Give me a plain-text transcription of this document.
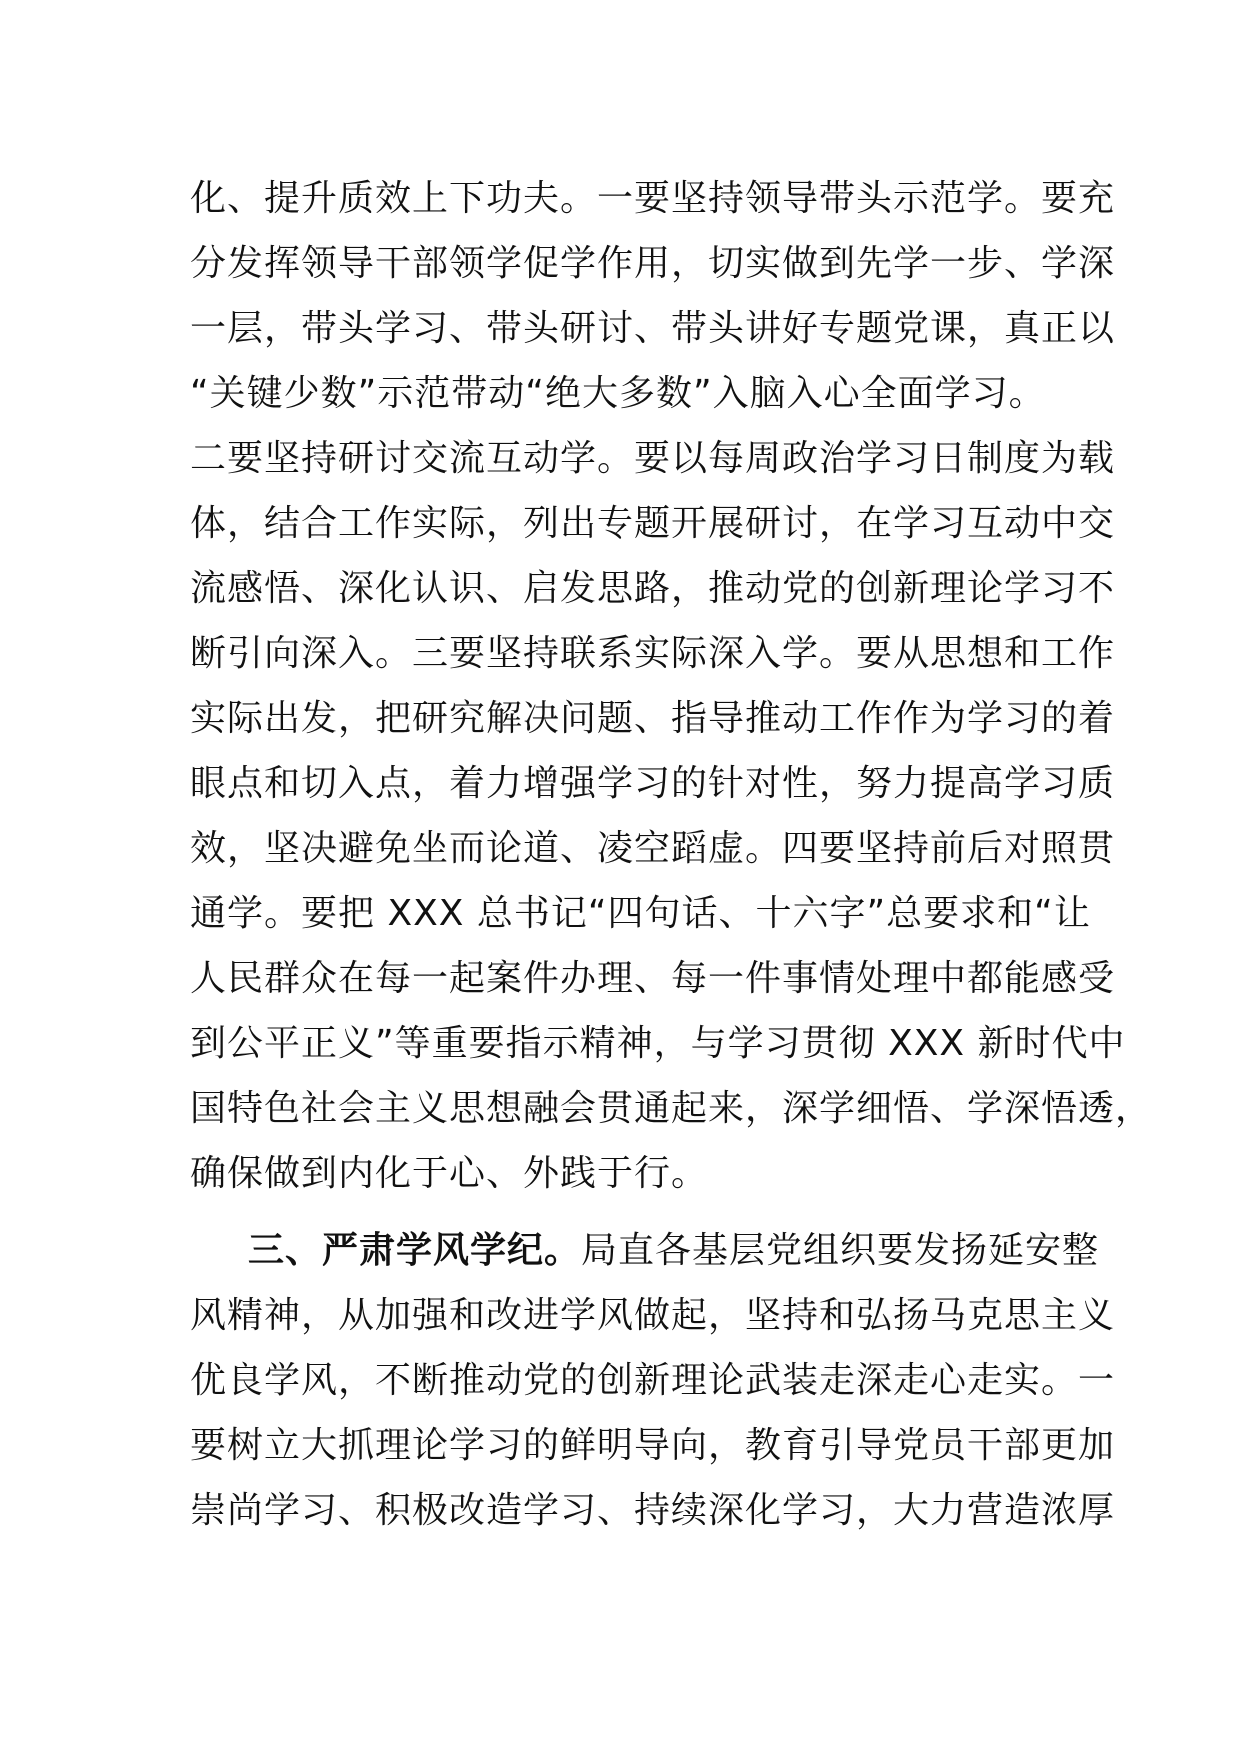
化、提升质效上下功夫。一要坚持领导带头示范学。要充
分发挥领导干部领学促学作用，切实做到先学一步、学深
一层，带头学习、带头研讨、带头讲好专题党课，真正以
“关键少数”示范带动“绝大多数”入脑入心全面学习。
二要坚持研讨交流互动学。要以每周政治学习日制度为载
体，结合工作实际，列出专题开展研讨，在学习互动中交
流感悟、深化认识、启发思路，推动党的创新理论学习不
断引向深入。三要坚持联系实际深入学。要从思想和工作
实际出发，把研究解决问题、指导推动工作作为学习的着
眼点和切入点，着力增强学习的针对性，努力提高学习质
效，坚决避免坐而论道、凌空蹈虚。四要坚持前后对照贯
通学。要把 XXX 总书记“四句话、十六字”总要求和“让
人民群众在每一起案件办理、每一件事情处理中都能感受
到公平正义”等重要指示精神，与学习贯彻 XXX 新时代中
国特色社会主义思想融会贯通起来，深学细悟、学深悟透，
确保做到内化于心、外践于行。
三、严肃学风学纪。局直各基层党组织要发扬延安整
风精神，从加强和改进学风做起，坚持和弘扬马克思主义
优良学风，不断推动党的创新理论武装走深走心走实。一
要树立大抓理论学习的鲜明导向，教育引导党员干部更加
崇尚学习、积极改造学习、持续深化学习，大力营造浓厚
